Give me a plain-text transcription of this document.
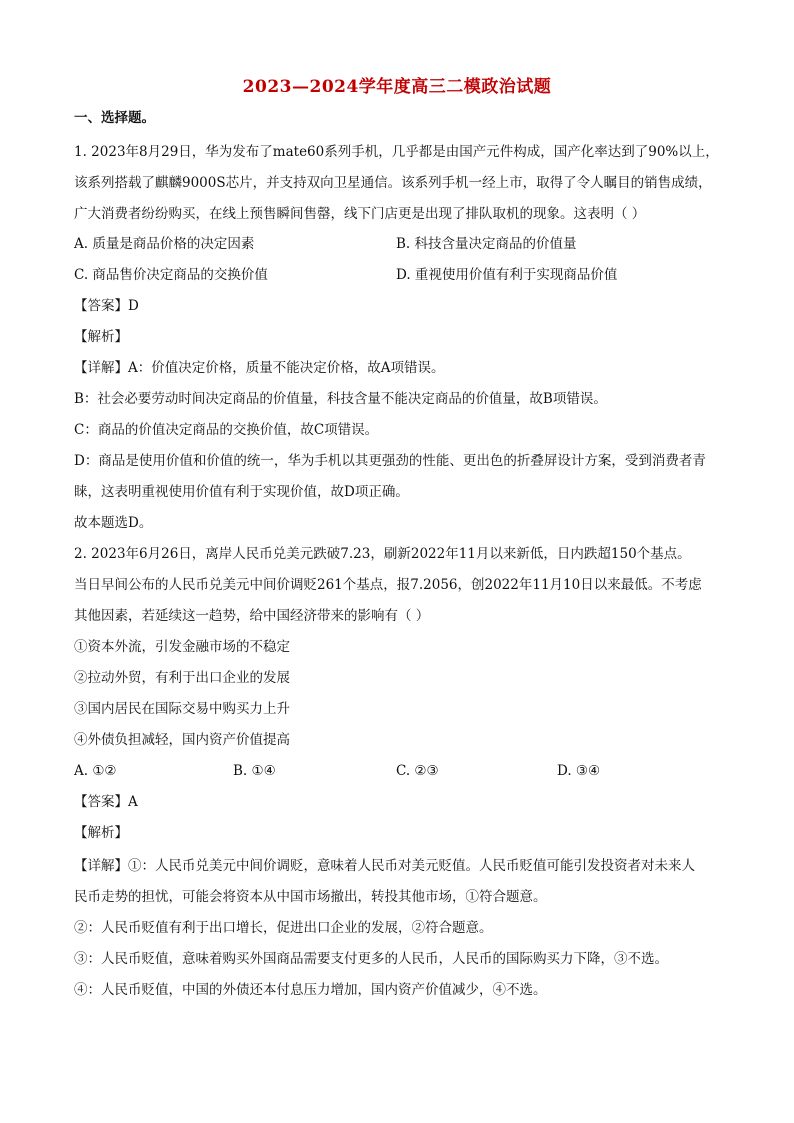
2023—2024学年度高三二模政治试题
一、选择题。
1. 2023年8月29日，华为发布了mate60系列手机，几乎都是由国产元件构成，国产化率达到了90%以上，
该系列搭载了麒麟9000S芯片，并支持双向卫星通信。该系列手机一经上市，取得了令人瞩目的销售成绩，
广大消费者纷纷购买，在线上预售瞬间售罄，线下门店更是出现了排队取机的现象。这表明（ ）
A. 质量是商品价格的决定因素	B. 科技含量决定商品的价值量
C. 商品售价决定商品的交换价值	D. 重视使用价值有利于实现商品价值
【答案】D
【解析】
【详解】A：价值决定价格，质量不能决定价格，故A项错误。
B：社会必要劳动时间决定商品的价值量，科技含量不能决定商品的价值量，故B项错误。
C：商品的价值决定商品的交换价值，故C项错误。
D：商品是使用价值和价值的统一，华为手机以其更强劲的性能、更出色的折叠屏设计方案，受到消费者青
睐，这表明重视使用价值有利于实现价值，故D项正确。
故本题选D。
2. 2023年6月26日，离岸人民币兑美元跌破7.23，刷新2022年11月以来新低，日内跌超150个基点。
当日早间公布的人民币兑美元中间价调贬261个基点，报7.2056，创2022年11月10日以来最低。不考虑
其他因素，若延续这一趋势，给中国经济带来的影响有（ ）
①资本外流，引发金融市场的不稳定
②拉动外贸，有利于出口企业的发展
③国内居民在国际交易中购买力上升
④外债负担减轻，国内资产价值提高
A. ①②	B. ①④	C. ②③	D. ③④
【答案】A
【解析】
【详解】①：人民币兑美元中间价调贬，意味着人民币对美元贬值。人民币贬值可能引发投资者对未来人
民币走势的担忧，可能会将资本从中国市场撤出，转投其他市场，①符合题意。
②：人民币贬值有利于出口增长，促进出口企业的发展，②符合题意。
③：人民币贬值，意味着购买外国商品需要支付更多的人民币，人民币的国际购买力下降，③不选。
④：人民币贬值，中国的外债还本付息压力增加，国内资产价值减少，④不选。
